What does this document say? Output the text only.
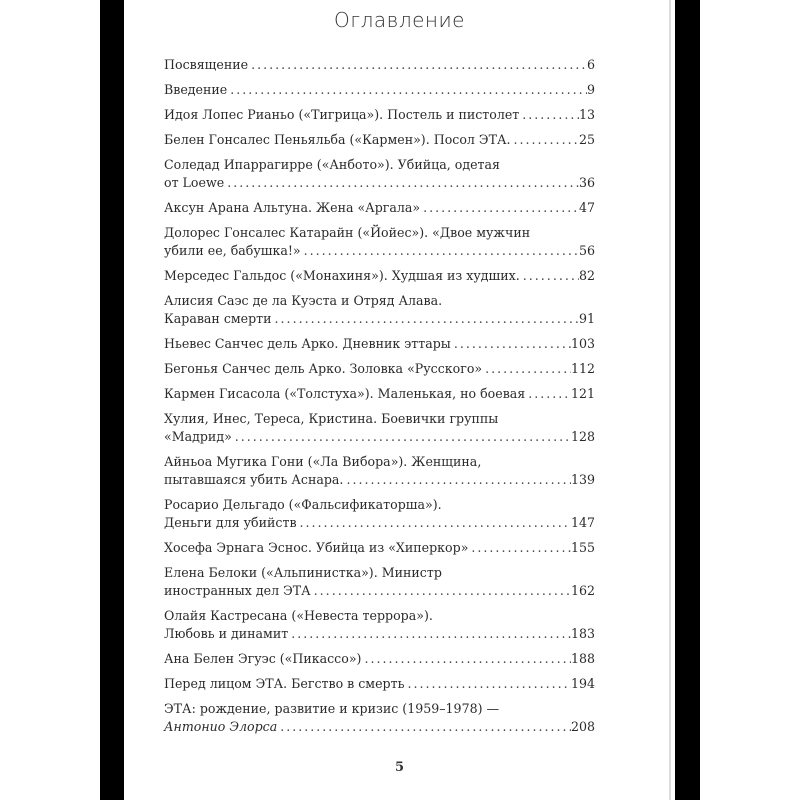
Оглавление
Посвящение . . .	6
Введение . . .	9
Идоя Лопес Рианьо («Тигрица»). Постель и пистолет . . .	13
Белен Гонсалес Пеньяльба («Кармен»). Посол ЭТА. . . .	25
Соледад Ипаррагирре («Анбото»). Убийца, одетая
от Loewe . . .	36
Аксун Арана Альтуна. Жена «Аргала» . . .	47
Долорес Гонсалес Катарайн («Йойес»). «Двое мужчин
убили ее, бабушка!» . . .	56
Мерседес Гальдос («Монахиня»). Худшая из худших. . . .	82
Алисия Саэс де ла Куэста и Отряд Алава.
Караван смерти . . .	91
Ньевес Санчес дель Арко. Дневник эттары . . .	103
Бегонья Санчес дель Арко. Золовка «Русского» . . .	112
Кармен Гисасола («Толстуха»). Маленькая, но боевая . . .	121
Хулия, Инес, Тереса, Кристина. Боевички группы
«Мадрид» . . .	128
Айньоа Мугика Гони («Ла Вибора»). Женщина,
пытавшаяся убить Аснара. . . .	139
Росарио Дельгадо («Фальсификаторша»).
Деньги для убийств . . .	147
Хосефа Эрнага Эснос. Убийца из «Хиперкор» . . .	155
Елена Белоки («Альпинистка»). Министр
иностранных дел ЭТА . . .	162
Олайя Кастресана («Невеста террора»).
Любовь и динамит . . .	183
Ана Белен Эгуэс («Пикассо») . . .	188
Перед лицом ЭТА. Бегство в смерть . . .	194
ЭТА: рождение, развитие и кризис (1959–1978) —
Антонио Элорса . . .	208
5
